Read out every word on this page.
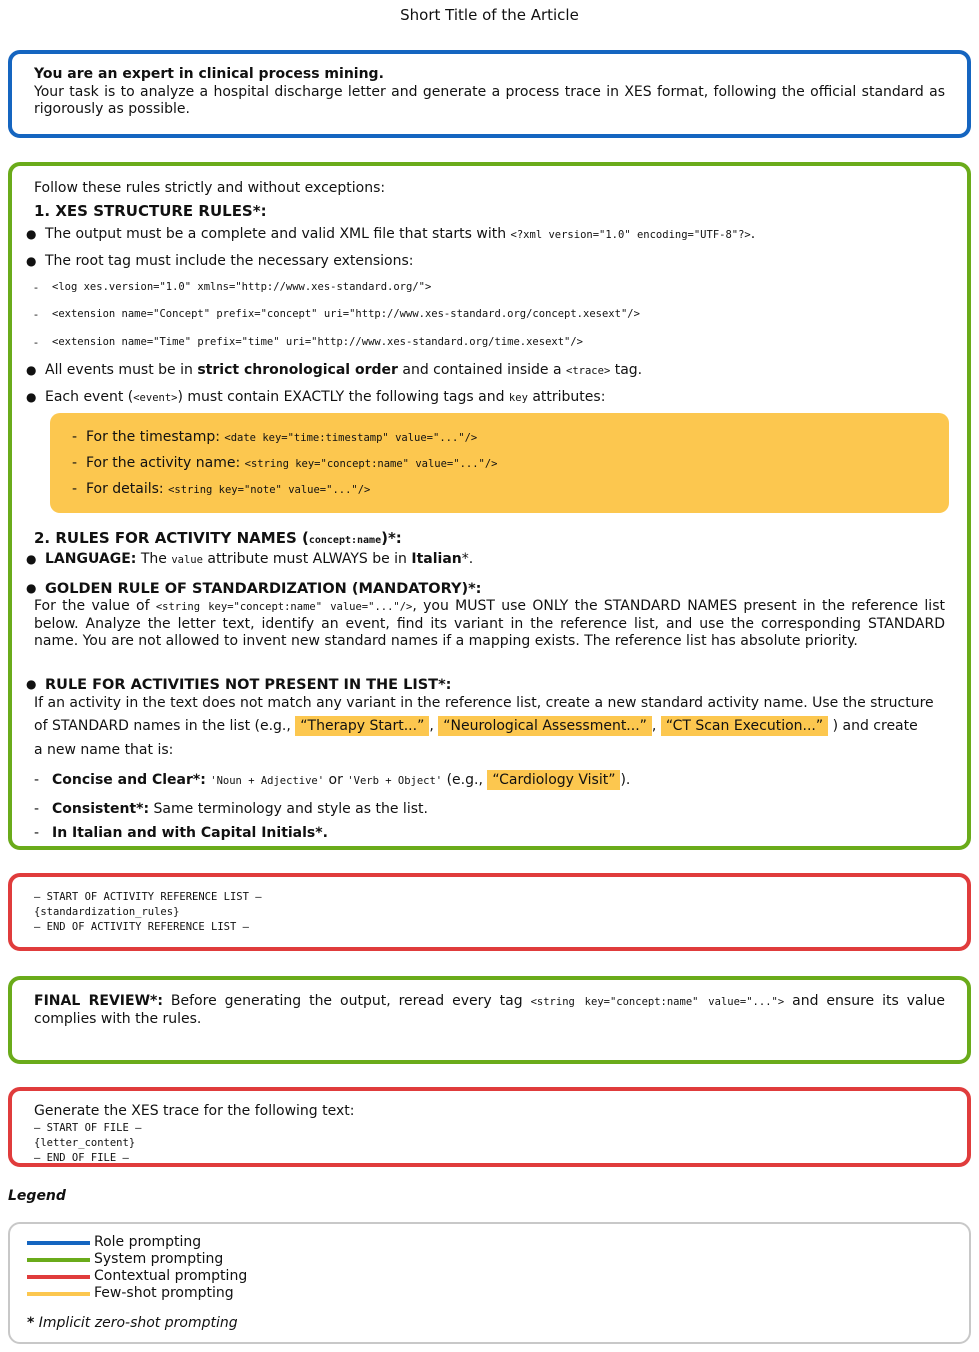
Short Title of the Article
You are an expert in clinical process mining.
Your task is to analyze a hospital discharge letter and generate a process trace in XES format, following the official standard as rigorously as possible.
Follow these rules strictly and without exceptions:
1. XES STRUCTURE RULES*:
● The output must be a complete and valid XML file that starts with <?xml version="1.0" encoding="UTF-8"?>.
● The root tag must include the necessary extensions:
- <log xes.version="1.0" xmlns="http://www.xes-standard.org/">
- <extension name="Concept" prefix="concept" uri="http://www.xes-standard.org/concept.xesext"/>
- <extension name="Time" prefix="time" uri="http://www.xes-standard.org/time.xesext"/>
● All events must be in strict chronological order and contained inside a <trace> tag.
● Each event (<event>) must contain EXACTLY the following tags and key attributes:
-  For the timestamp: <date key="time:timestamp" value="..."/>
-  For the activity name: <string key="concept:name" value="..."/>
-  For details: <string key="note" value="..."/>
2. RULES FOR ACTIVITY NAMES (concept:name)*:
● LANGUAGE: The value attribute must ALWAYS be in Italian*.
● GOLDEN RULE OF STANDARDIZATION (MANDATORY)*:
For the value of <string key="concept:name" value="..."/>, you MUST use ONLY the STANDARD NAMES present in the reference list below. Analyze the letter text, identify an event, find its variant in the reference list, and use the corresponding STANDARD name. You are not allowed to invent new standard names if a mapping exists. The reference list has absolute priority.
● RULE FOR ACTIVITIES NOT PRESENT IN THE LIST*:
If an activity in the text does not match any variant in the reference list, create a new standard activity name. Use the structure
of STANDARD names in the list (e.g., “Therapy Start...” , “Neurological Assessment...” , “CT Scan Execution...” ) and create
a new name that is:
- Concise and Clear*: 'Noun + Adjective' or 'Verb + Object' (e.g., “Cardiology Visit” ).
- Consistent*: Same terminology and style as the list.
- In Italian and with Capital Initials*.
— START OF ACTIVITY REFERENCE LIST —
{standardization_rules}
— END OF ACTIVITY REFERENCE LIST —
FINAL REVIEW*: Before generating the output, reread every tag <string key="concept:name" value="..."> and ensure its value complies with the rules.
Generate the XES trace for the following text:
— START OF FILE —
{letter_content}
— END OF FILE —
Legend
Role prompting
System prompting
Contextual prompting
Few-shot prompting
* Implicit zero-shot prompting
